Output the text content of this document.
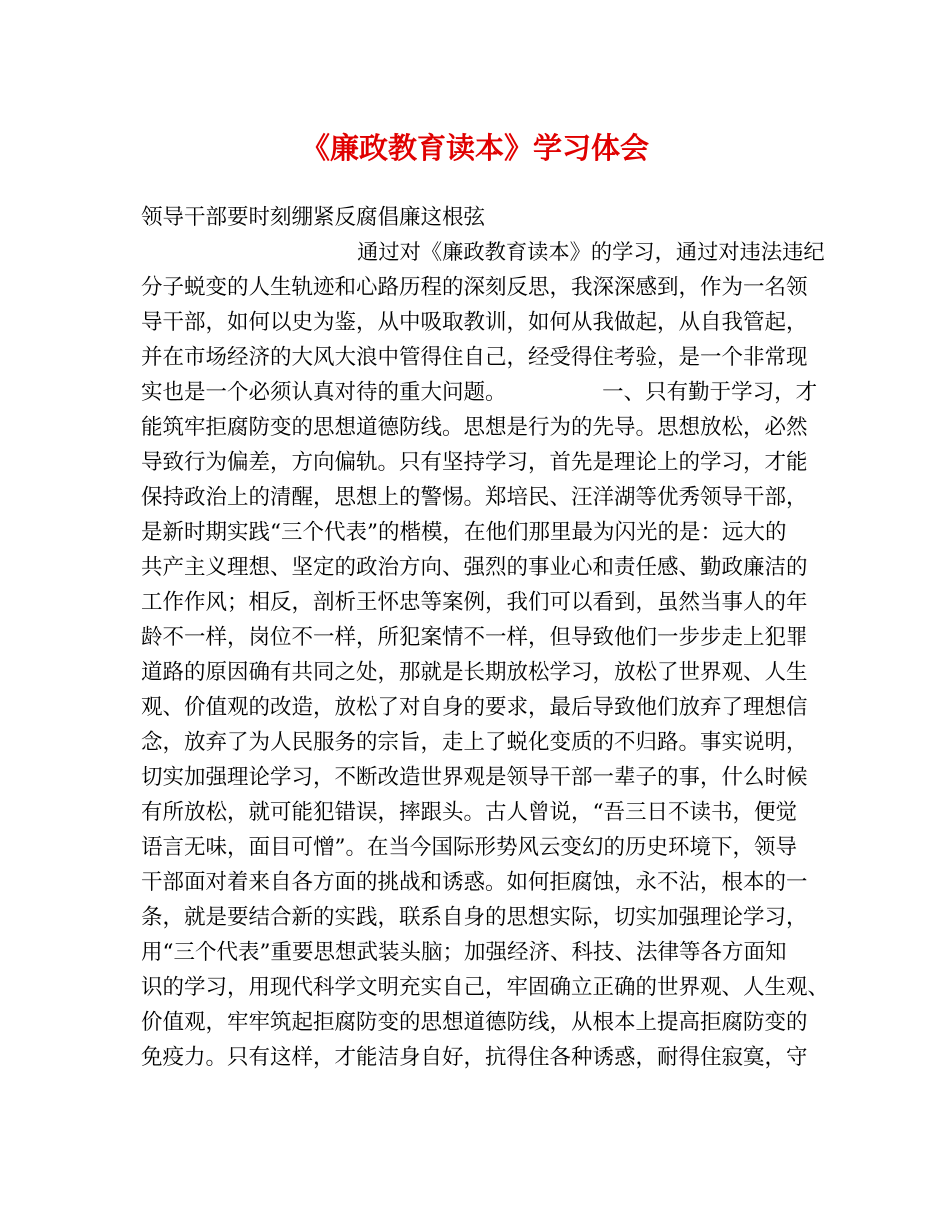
《廉政教育读本》学习体会
领导干部要时刻绷紧反腐倡廉这根弦
通过对《廉政教育读本》的学习，通过对违法违纪
分子蜕变的人生轨迹和心路历程的深刻反思，我深深感到，作为一名领
导干部，如何以史为鉴，从中吸取教训，如何从我做起，从自我管起，
并在市场经济的大风大浪中管得住自己，经受得住考验，是一个非常现
实也是一个必须认真对待的重大问题。              一、只有勤于学习，才
能筑牢拒腐防变的思想道德防线。思想是行为的先导。思想放松，必然
导致行为偏差，方向偏轨。只有坚持学习，首先是理论上的学习，才能
保持政治上的清醒，思想上的警惕。郑培民、汪洋湖等优秀领导干部，
是新时期实践“三个代表”的楷模，在他们那里最为闪光的是：远大的
共产主义理想、坚定的政治方向、强烈的事业心和责任感、勤政廉洁的
工作作风；相反，剖析王怀忠等案例，我们可以看到，虽然当事人的年
龄不一样，岗位不一样，所犯案情不一样，但导致他们一步步走上犯罪
道路的原因确有共同之处，那就是长期放松学习，放松了世界观、人生
观、价值观的改造，放松了对自身的要求，最后导致他们放弃了理想信
念，放弃了为人民服务的宗旨，走上了蜕化变质的不归路。事实说明，
切实加强理论学习，不断改造世界观是领导干部一辈子的事，什么时候
有所放松，就可能犯错误，摔跟头。古人曾说，“吾三日不读书，便觉
语言无味，面目可憎”。在当今国际形势风云变幻的历史环境下，领导
干部面对着来自各方面的挑战和诱惑。如何拒腐蚀，永不沾，根本的一
条，就是要结合新的实践，联系自身的思想实际，切实加强理论学习，
用“三个代表”重要思想武装头脑；加强经济、科技、法律等各方面知
识的学习，用现代科学文明充实自己，牢固确立正确的世界观、人生观、
价值观，牢牢筑起拒腐防变的思想道德防线，从根本上提高拒腐防变的
免疫力。只有这样，才能洁身自好，抗得住各种诱惑，耐得住寂寞，守
